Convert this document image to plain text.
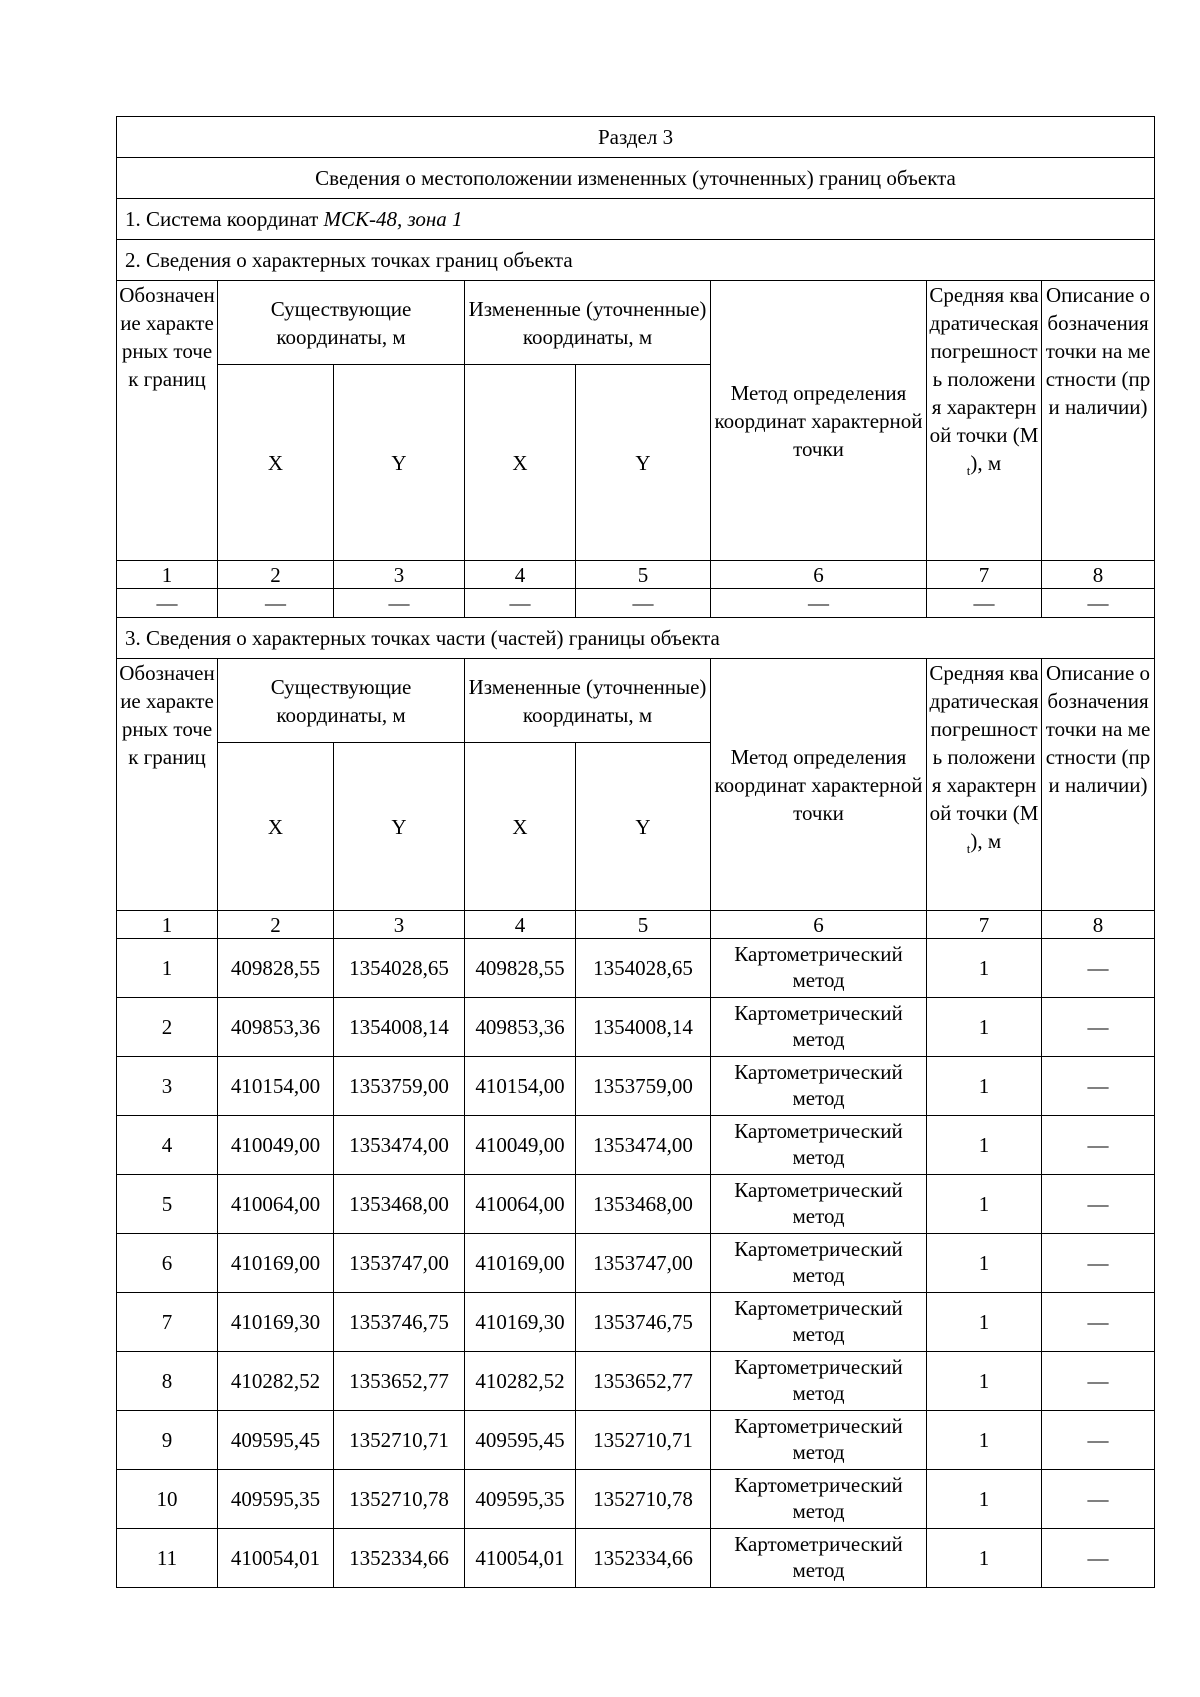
Раздел 3							
Сведения о местоположении измененных (уточненных) границ объекта							
1. Система координат МСК-48, зона 1							
2. Сведения о характерных точках границ объекта							
Обозначение характерных точек границ	Существующие координаты, м		Измененные (уточненные) координаты, м		Метод определения координат характерной точки	Средняя квадратическая погрешность положения характерной точки $(M_t)$, м	Описание обозначения точки на местности (при наличии)
	X	Y	X	Y			
1	2	3	4	5	6	7	8
—	—	—	—	—	—	—	—
3. Сведения о характерных точках части (частей) границы объекта							
Обозначение характерных точек границ	Существующие координаты, м		Измененные (уточненные) координаты, м		Метод определения координат характерной точки	Средняя квадратическая погрешность положения характерной точки $(M_t)$, м	Описание обозначения точки на местности (при наличии)
	X	Y	X	Y			
1	2	3	4	5	6	7	8
1	409828,55	1354028,65	409828,55	1354028,65	Картометрический метод	1	—
2	409853,36	1354008,14	409853,36	1354008,14	Картометрический метод	1	—
3	410154,00	1353759,00	410154,00	1353759,00	Картометрический метод	1	—
4	410049,00	1353474,00	410049,00	1353474,00	Картометрический метод	1	—
5	410064,00	1353468,00	410064,00	1353468,00	Картометрический метод	1	—
6	410169,00	1353747,00	410169,00	1353747,00	Картометрический метод	1	—
7	410169,30	1353746,75	410169,30	1353746,75	Картометрический метод	1	—
8	410282,52	1353652,77	410282,52	1353652,77	Картометрический метод	1	—
9	409595,45	1352710,71	409595,45	1352710,71	Картометрический метод	1	—
10	409595,35	1352710,78	409595,35	1352710,78	Картометрический метод	1	—
11	410054,01	1352334,66	410054,01	1352334,66	Картометрический метод	1	—
